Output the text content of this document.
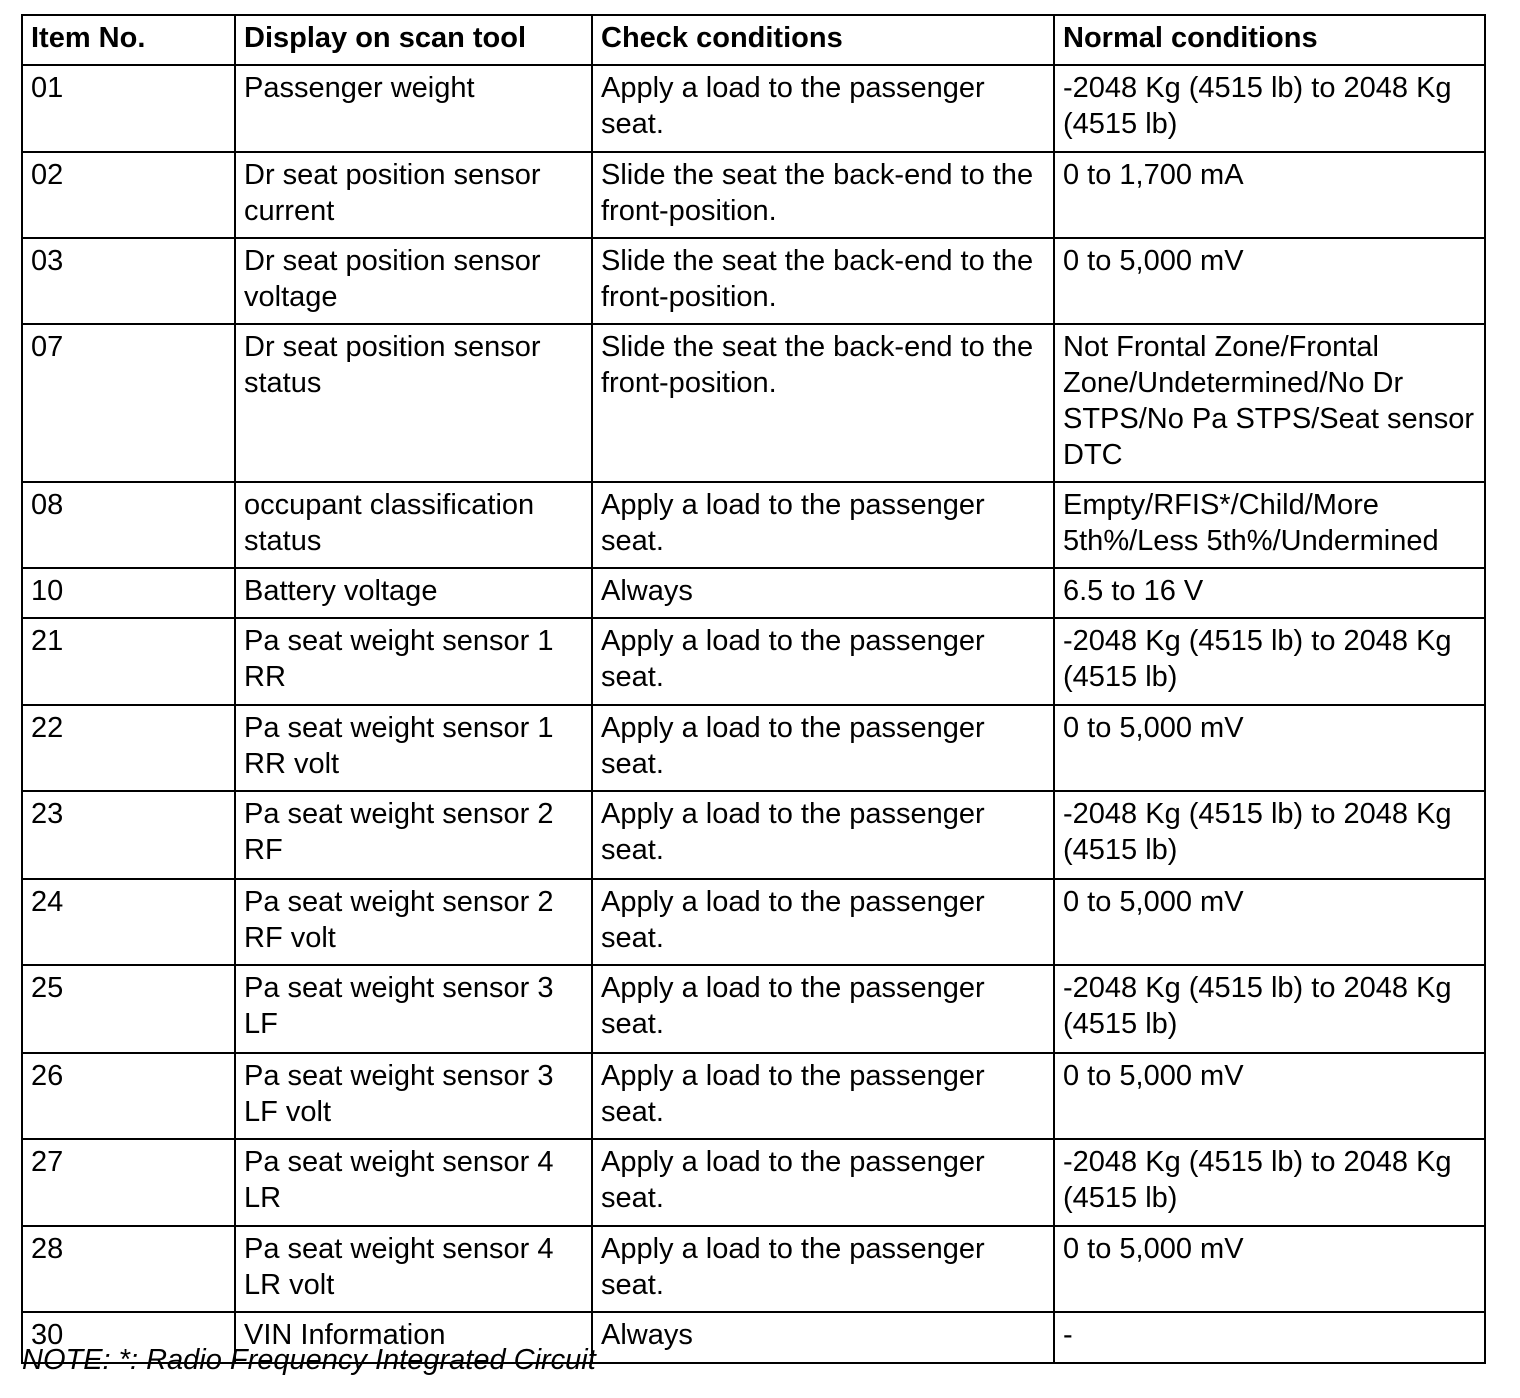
Item No.	Display on scan tool	Check conditions	Normal conditions
01	Passenger weight	Apply a load to the passenger seat.	-2048 Kg (4515 lb) to 2048 Kg (4515 lb)
02	Dr seat position sensor current	Slide the seat the back-end to the front-position.	0 to 1,700 mA
03	Dr seat position sensor voltage	Slide the seat the back-end to the front-position.	0 to 5,000 mV
07	Dr seat position sensor status	Slide the seat the back-end to the front-position.	Not Frontal Zone/Frontal Zone/Undetermined/No Dr STPS/No Pa STPS/Seat sensor DTC
08	occupant classification status	Apply a load to the passenger seat.	Empty/RFIS*/Child/More 5th%/Less 5th%/Undermined
10	Battery voltage	Always	6.5 to 16 V
21	Pa seat weight sensor 1 RR	Apply a load to the passenger seat.	-2048 Kg (4515 lb) to 2048 Kg (4515 lb)
22	Pa seat weight sensor 1 RR volt	Apply a load to the passenger seat.	0 to 5,000 mV
23	Pa seat weight sensor 2 RF	Apply a load to the passenger seat.	-2048 Kg (4515 lb) to 2048 Kg (4515 lb)
24	Pa seat weight sensor 2 RF volt	Apply a load to the passenger seat.	0 to 5,000 mV
25	Pa seat weight sensor 3 LF	Apply a load to the passenger seat.	-2048 Kg (4515 lb) to 2048 Kg (4515 lb)
26	Pa seat weight sensor 3 LF volt	Apply a load to the passenger seat.	0 to 5,000 mV
27	Pa seat weight sensor 4 LR	Apply a load to the passenger seat.	-2048 Kg (4515 lb) to 2048 Kg (4515 lb)
28	Pa seat weight sensor 4 LR volt	Apply a load to the passenger seat.	0 to 5,000 mV
30	VIN Information	Always	-
NOTE: *: Radio Frequency Integrated Circuit
